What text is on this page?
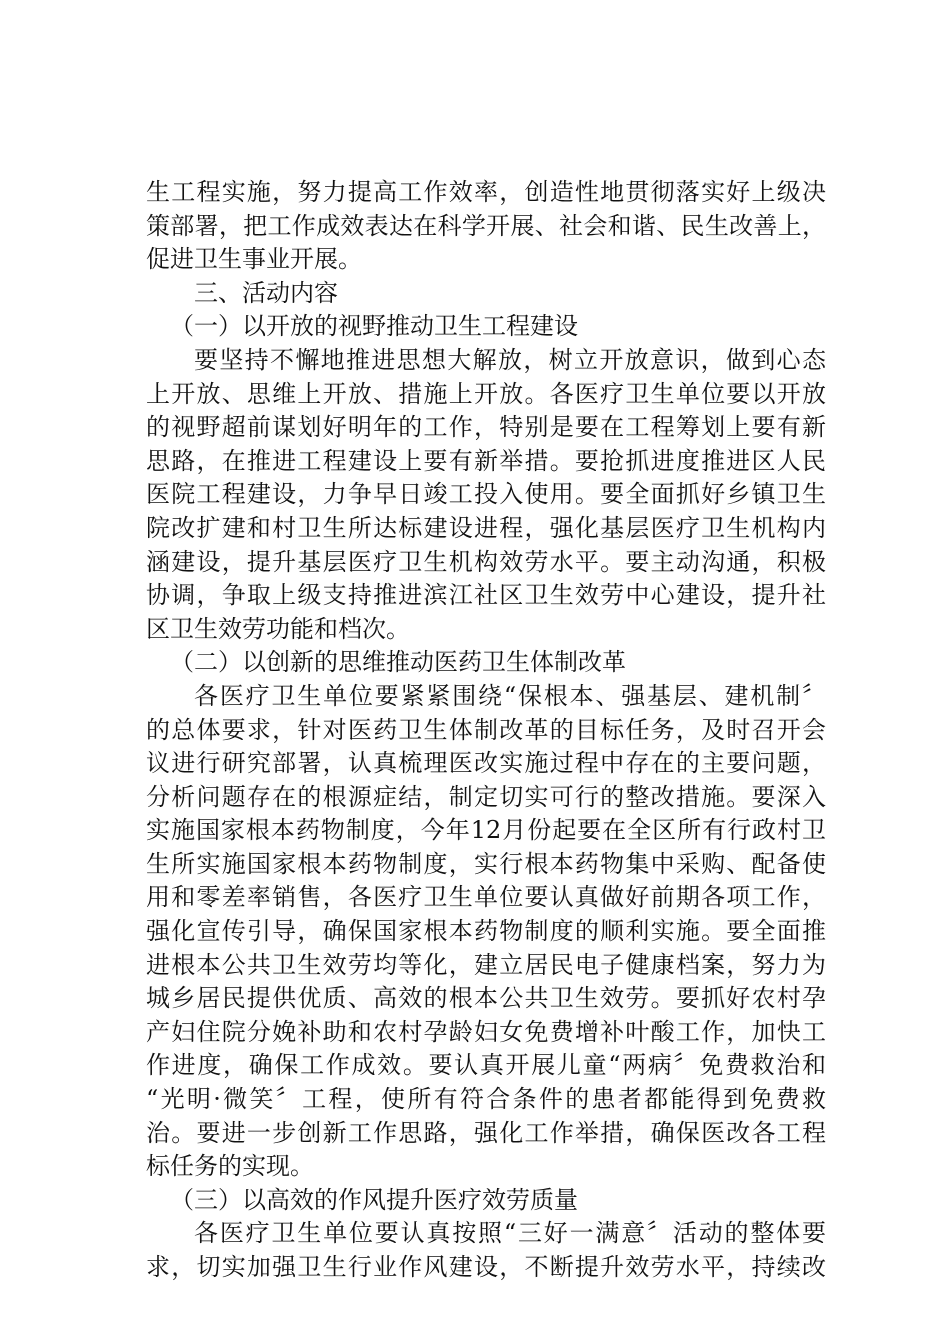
生工程实施，努力提高工作效率，创造性地贯彻落实好上级决
策部署，把工作成效表达在科学开展、社会和谐、民生改善上，
促进卫生事业开展。
三、活动内容
（一）以开放的视野推动卫生工程建设
要坚持不懈地推进思想大解放，树立开放意识，做到心态
上开放、思维上开放、措施上开放。各医疗卫生单位要以开放
的视野超前谋划好明年的工作，特别是要在工程筹划上要有新
思路，在推进工程建设上要有新举措。要抢抓进度推进区人民
医院工程建设，力争早日竣工投入使用。要全面抓好乡镇卫生
院改扩建和村卫生所达标建设进程，强化基层医疗卫生机构内
涵建设，提升基层医疗卫生机构效劳水平。要主动沟通，积极
协调，争取上级支持推进滨江社区卫生效劳中心建设，提升社
区卫生效劳功能和档次。
（二）以创新的思维推动医药卫生体制改革
各医疗卫生单位要紧紧围绕“保根本、强基层、建机制〞
的总体要求，针对医药卫生体制改革的目标任务，及时召开会
议进行研究部署，认真梳理医改实施过程中存在的主要问题，
分析问题存在的根源症结，制定切实可行的整改措施。要深入
实施国家根本药物制度，今年12月份起要在全区所有行政村卫
生所实施国家根本药物制度，实行根本药物集中采购、配备使
用和零差率销售，各医疗卫生单位要认真做好前期各项工作，
强化宣传引导，确保国家根本药物制度的顺利实施。要全面推
进根本公共卫生效劳均等化，建立居民电子健康档案，努力为
城乡居民提供优质、高效的根本公共卫生效劳。要抓好农村孕
产妇住院分娩补助和农村孕龄妇女免费增补叶酸工作，加快工
作进度，确保工作成效。要认真开展儿童“两病〞免费救治和
“光明·微笑〞工程，使所有符合条件的患者都能得到免费救
治。要进一步创新工作思路，强化工作举措，确保医改各工程
标任务的实现。
（三）以高效的作风提升医疗效劳质量
各医疗卫生单位要认真按照“三好一满意〞活动的整体要
求，切实加强卫生行业作风建设，不断提升效劳水平，持续改
